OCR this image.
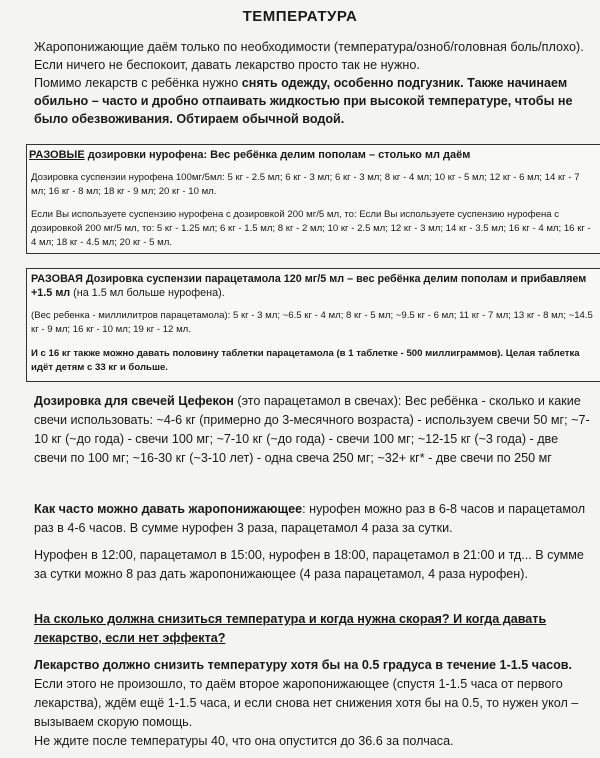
ТЕМПЕРАТУРА
Жаропонижающие даём только по необходимости (температура/озноб/головная боль/плохо). Если ничего не беспокоит, давать лекарство просто так не нужно.
Помимо лекарств с ребёнка нужно снять одежду, особенно подгузник. Также начинаем обильно – часто и дробно отпаивать жидкостью при высокой температуре, чтобы не было обезвоживания. Обтираем обычной водой.
РАЗОВЫЕ дозировки нурофена: Вес ребёнка делим пополам – столько мл даём
Дозировка суспензии нурофена 100мг/5мл: 5 кг - 2.5 мл; 6 кг - 3 мл; 6 кг - 3 мл; 8 кг - 4 мл; 10 кг - 5 мл; 12 кг - 6 мл; 14 кг - 7 мл; 16 кг - 8 мл; 18 кг - 9 мл; 20 кг - 10 мл.
Если Вы используете суспензию нурофена с дозировкой 200 мг/5 мл, то: Если Вы используете суспензию нурофена с дозировкой 200 мг/5 мл, то: 5 кг - 1.25 мл; 6 кг - 1.5 мл; 8 кг - 2 мл; 10 кг - 2.5 мл; 12 кг - 3 мл; 14 кг - 3.5 мл; 16 кг - 4 мл; 16 кг - 4 мл; 18 кг - 4.5 мл; 20 кг - 5 мл.
РАЗОВАЯ Дозировка суспензии парацетамола 120 мг/5 мл – вес ребёнка делим пополам и прибавляем +1.5 мл (на 1.5 мл больше нурофена).
(Вес ребенка - миллилитров парацетамола): 5 кг - 3 мл; ~6.5 кг - 4 мл; 8 кг - 5 мл; ~9.5 кг - 6 мл; 11 кг - 7 мл; 13 кг - 8 мл; ~14.5 кг - 9 мл; 16 кг - 10 мл; 19 кг - 12 мл.
И с 16 кг также можно давать половину таблетки парацетамола (в 1 таблетке - 500 миллиграммов). Целая таблетка идёт детям с 33 кг и больше.
Дозировка для свечей Цефекон (это парацетамол в свечах): Вес ребёнка - сколько и какие свечи использовать: ~4-6 кг (примерно до 3-месячного возраста) - используем свечи 50 мг; ~7-10 кг (~до года) - свечи 100 мг; ~7-10 кг (~до года) - свечи 100 мг; ~12-15 кг (~3 года) - две свечи по 100 мг; ~16-30 кг (~3-10 лет) - одна свеча 250 мг; ~32+ кг* - две свечи по 250 мг
Как часто можно давать жаропонижающее: нурофен можно раз в 6-8 часов и парацетамол раз в 4-6 часов. В сумме нурофен 3 раза, парацетамол 4 раза за сутки.
Нурофен в 12:00, парацетамол в 15:00, нурофен в 18:00, парацетамол в 21:00 и тд... В сумме за сутки можно 8 раз дать жаропонижающее (4 раза парацетамол, 4 раза нурофен).
На сколько должна снизиться температура и когда нужна скорая? И когда давать лекарство, если нет эффекта?
Лекарство должно снизить температуру хотя бы на 0.5 градуса в течение 1-1.5 часов.
Если этого не произошло, то даём второе жаропонижающее (спустя 1-1.5 часа от первого лекарства), ждём ещё 1-1.5 часа, и если снова нет снижения хотя бы на 0.5, то нужен укол – вызываем скорую помощь.
Не ждите после температуры 40, что она опустится до 36.6 за полчаса.
